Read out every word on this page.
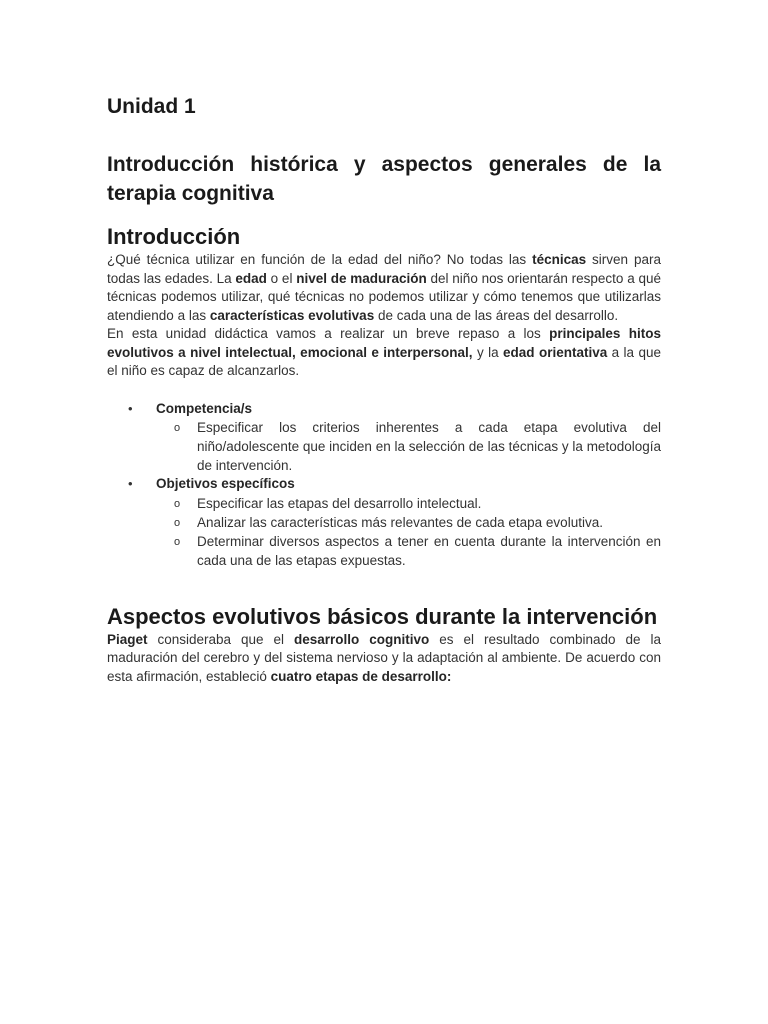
Unidad 1
Introducción histórica y aspectos generales de la terapia cognitiva
Introducción

¿Qué técnica utilizar en función de la edad del niño? No todas las técnicas sirven para todas las edades. La edad o el nivel de maduración del niño nos orientarán respecto a qué técnicas podemos utilizar, qué técnicas no podemos utilizar y cómo tenemos que utilizarlas atendiendo a las características evolutivas de cada una de las áreas del desarrollo.

En esta unidad didáctica vamos a realizar un breve repaso a los principales hitos evolutivos a nivel intelectual, emocional e interpersonal, y la edad orientativa a la que el niño es capaz de alcanzarlos.

• Competencia/s
o Especificar los criterios inherentes a cada etapa evolutiva del niño/adolescente que inciden en la selección de las técnicas y la metodología de intervención.
• Objetivos específicos
o Especificar las etapas del desarrollo intelectual.
o Analizar las características más relevantes de cada etapa evolutiva.
o Determinar diversos aspectos a tener en cuenta durante la intervención en cada una de las etapas expuestas.
Aspectos evolutivos básicos durante la intervención

Piaget consideraba que el desarrollo cognitivo es el resultado combinado de la maduración del cerebro y del sistema nervioso y la adaptación al ambiente. De acuerdo con esta afirmación, estableció cuatro etapas de desarrollo:
